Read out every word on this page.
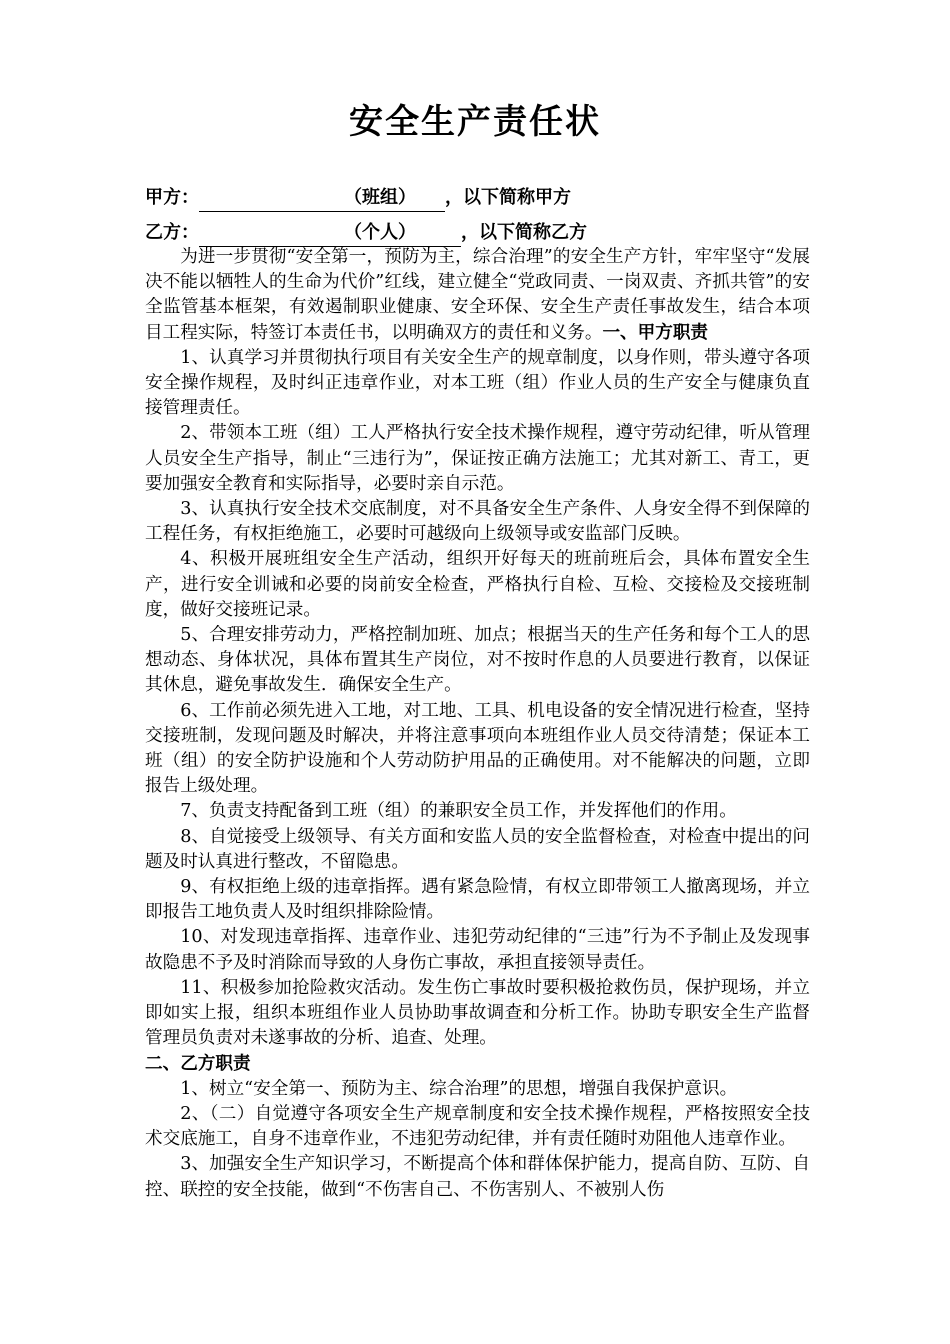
安全生产责任状
甲方：	（班组） ，以下简称甲方
乙方：	（个人）	，以下简称乙方

为进一步贯彻“安全第一，预防为主，综合治理”的安全生产方针，牢牢坚守“发展决不能以牺牲人的生命为代价”红线，建立健全“党政同责、一岗双责、齐抓共管”的安全监管基本框架，有效遏制职业健康、安全环保、安全生产责任事故发生，结合本项目工程实际，特签订本责任书，以明确双方的责任和义务。一、甲方职责

1、认真学习并贯彻执行项目有关安全生产的规章制度，以身作则，带头遵守各项安全操作规程，及时纠正违章作业，对本工班（组）作业人员的生产安全与健康负直接管理责任。

2、带领本工班（组）工人严格执行安全技术操作规程，遵守劳动纪律，听从管理人员安全生产指导，制止“三违行为”，保证按正确方法施工；尤其对新工、青工，更要加强安全教育和实际指导，必要时亲自示范。

3、认真执行安全技术交底制度，对不具备安全生产条件、人身安全得不到保障的工程任务，有权拒绝施工，必要时可越级向上级领导或安监部门反映。

4、积极开展班组安全生产活动，组织开好每天的班前班后会，具体布置安全生产，进行安全训诫和必要的岗前安全检查，严格执行自检、互检、交接检及交接班制度，做好交接班记录。

5、合理安排劳动力，严格控制加班、加点；根据当天的生产任务和每个工人的思想动态、身体状况，具体布置其生产岗位，对不按时作息的人员要进行教育，以保证其休息，避免事故发生．确保安全生产。

6、工作前必须先进入工地，对工地、工具、机电设备的安全情况进行检查，坚持交接班制，发现问题及时解决，并将注意事项向本班组作业人员交待清楚；保证本工班（组）的安全防护设施和个人劳动防护用品的正确使用。对不能解决的问题，立即报告上级处理。

7、负责支持配备到工班（组）的兼职安全员工作，并发挥他们的作用。

8、自觉接受上级领导、有关方面和安监人员的安全监督检查，对检查中提出的问题及时认真进行整改，不留隐患。

9、有权拒绝上级的违章指挥。遇有紧急险情，有权立即带领工人撤离现场，并立即报告工地负责人及时组织排除险情。

10、对发现违章指挥、违章作业、违犯劳动纪律的“三违”行为不予制止及发现事故隐患不予及时消除而导致的人身伤亡事故，承担直接领导责任。

11、积极参加抢险救灾活动。发生伤亡事故时要积极抢救伤员，保护现场，并立即如实上报，组织本班组作业人员协助事故调查和分析工作。协助专职安全生产监督管理员负责对未遂事故的分析、追查、处理。

二、乙方职责

1、树立“安全第一、预防为主、综合治理”的思想，增强自我保护意识。

2、（二）自觉遵守各项安全生产规章制度和安全技术操作规程，严格按照安全技术交底施工，自身不违章作业，不违犯劳动纪律，并有责任随时劝阻他人违章作业。

3、加强安全生产知识学习，不断提高个体和群体保护能力，提高自防、互防、自控、联控的安全技能，做到“不伤害自己、不伤害别人、不被别人伤
